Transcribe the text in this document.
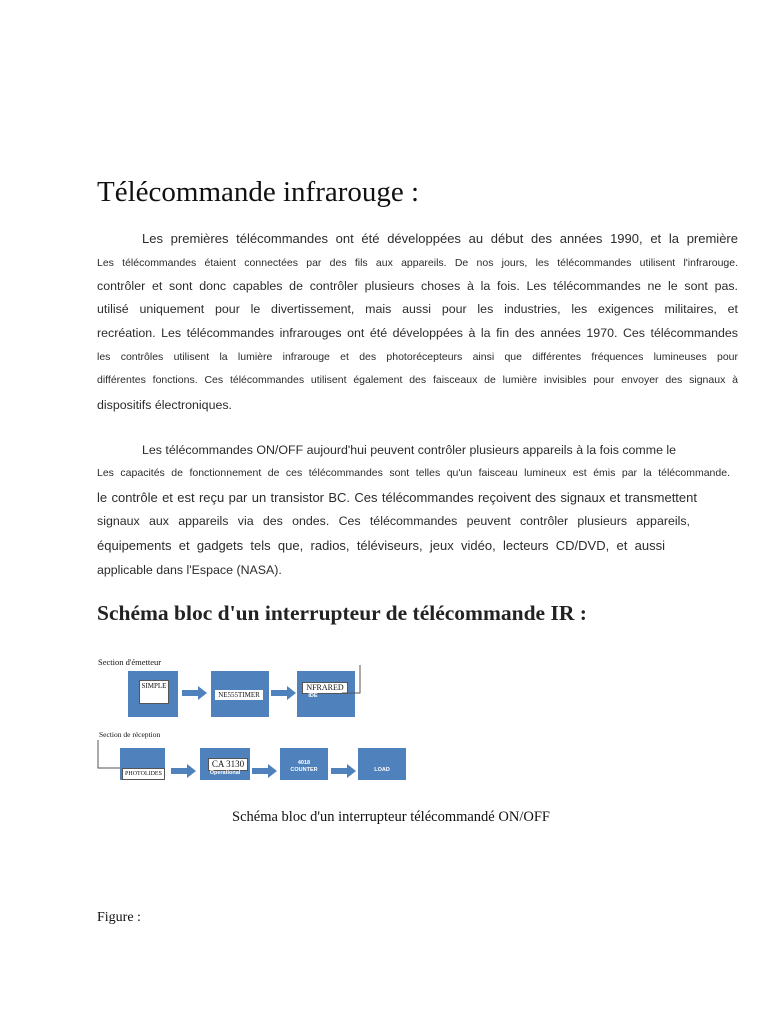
Télécommande infrarouge :

Les premières télécommandes ont été développées au début des années 1990, et la première

Les télécommandes étaient connectées par des fils aux appareils. De nos jours, les télécommandes utilisent l'infrarouge.

contrôler et sont donc capables de contrôler plusieurs choses à la fois. Les télécommandes ne le sont pas.

utilisé uniquement pour le divertissement, mais aussi pour les industries, les exigences militaires, et

recréation. Les télécommandes infrarouges ont été développées à la fin des années 1970. Ces télécommandes

les contrôles utilisent la lumière infrarouge et des photorécepteurs ainsi que différentes fréquences lumineuses pour

différentes fonctions. Ces télécommandes utilisent également des faisceaux de lumière invisibles pour envoyer des signaux à

dispositifs électroniques.

Les télécommandes ON/OFF aujourd'hui peuvent contrôler plusieurs appareils à la fois comme le

Les capacités de fonctionnement de ces télécommandes sont telles qu'un faisceau lumineux est émis par la télécommande.

le contrôle et est reçu par un transistor BC. Ces télécommandes reçoivent des signaux et transmettent

signaux aux appareils via des ondes. Ces télécommandes peuvent contrôler plusieurs appareils,

équipements et gadgets tels que, radios, téléviseurs, jeux vidéo, lecteurs CD/DVD, et aussi

applicable dans l'Espace (NASA).

Schéma bloc d'un interrupteur de télécommande IR :
Section d'émetteur
SIMPLE
NE555TIMER
NFRARED
IDE
Section de réception
PHOTOLIDES
CA 3130
Operational
4018
COUNTER	LOAD
Schéma bloc d'un interrupteur télécommandé ON/OFF
Figure :
